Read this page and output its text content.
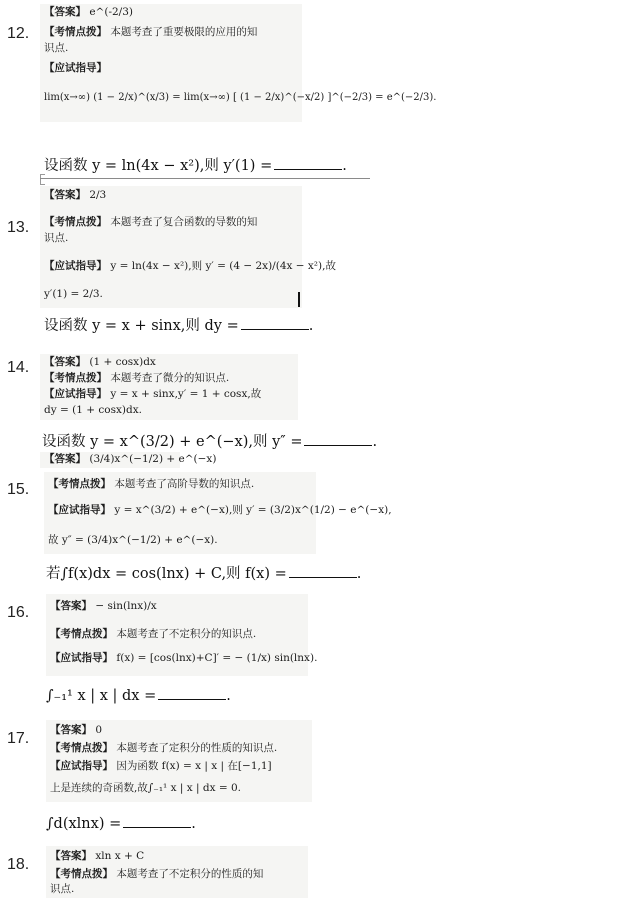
12.
13.
14.
15.
16.
17.
18.
【答案】 e^(-2/3)
【考情点拨】 本题考查了重要极限的应用的知
识点.
【应试指导】
lim(x→∞) (1 − 2/x)^(x/3) = lim(x→∞) [ (1 − 2/x)^(−x/2) ]^(−2/3) = e^(−2/3).
设函数 y = ln(4x − x²),则 y′(1) =	.
【答案】 2/3
【考情点拨】 本题考查了复合函数的导数的知
识点.
【应试指导】 y = ln(4x − x²),则 y′ = (4 − 2x)/(4x − x²),故
y′(1) = 2/3.
设函数 y = x + sinx,则 dy =	.
【答案】 (1 + cosx)dx
【考情点拨】 本题考查了微分的知识点.
【应试指导】 y = x + sinx,y′ = 1 + cosx,故
dy = (1 + cosx)dx.
设函数 y = x^(3/2) + e^(−x),则 y″ =	.
【答案】 (3/4)x^(−1/2) + e^(−x)
【考情点拨】 本题考查了高阶导数的知识点.
【应试指导】 y = x^(3/2) + e^(−x),则 y′ = (3/2)x^(1/2) − e^(−x),
故 y″ = (3/4)x^(−1/2) + e^(−x).
若∫f(x)dx = cos(lnx) + C,则 f(x) =	.
【答案】 − sin(lnx)/x
【考情点拨】 本题考查了不定积分的知识点.
【应试指导】 f(x) = [cos(lnx)+C]′ = − (1/x) sin(lnx).
∫₋₁¹ x | x | dx =	.
【答案】 0
【考情点拨】 本题考查了定积分的性质的知识点.
【应试指导】 因为函数 f(x) = x | x | 在[−1,1]
上是连续的奇函数,故∫₋₁¹ x | x | dx = 0.
∫d(xlnx) =	.
【答案】 xln x + C
【考情点拨】 本题考查了不定积分的性质的知
识点.
